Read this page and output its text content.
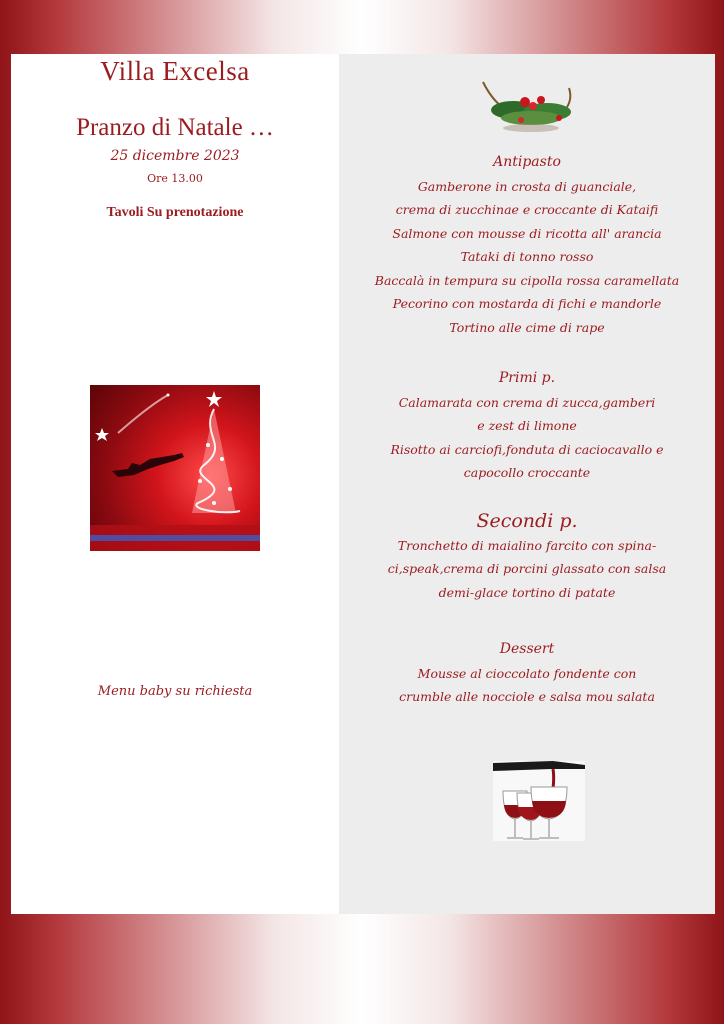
Villa Excelsa
Pranzo di Natale …
25 dicembre 2023
Ore 13.00
Tavoli Su prenotazione
Menu baby su richiesta
Antipasto
Gamberone in crosta di guanciale,
crema di zucchinae e croccante di Kataifi
Salmone con mousse di ricotta all' arancia
Tataki di tonno rosso
Baccalà in tempura su cipolla rossa caramellata
Pecorino con mostarda di fichi e mandorle
Tortino alle cime di rape
Primi p.
Calamarata con crema di zucca,gamberi
e zest di limone
Risotto ai carciofi,fonduta di caciocavallo e
capocollo croccante
Secondi p.
Tronchetto di maialino farcito con spina-
ci,speak,crema di porcini glassato con salsa
demi-glace tortino di patate
Dessert
Mousse al cioccolato fondente con
crumble alle nocciole e salsa mou salata
